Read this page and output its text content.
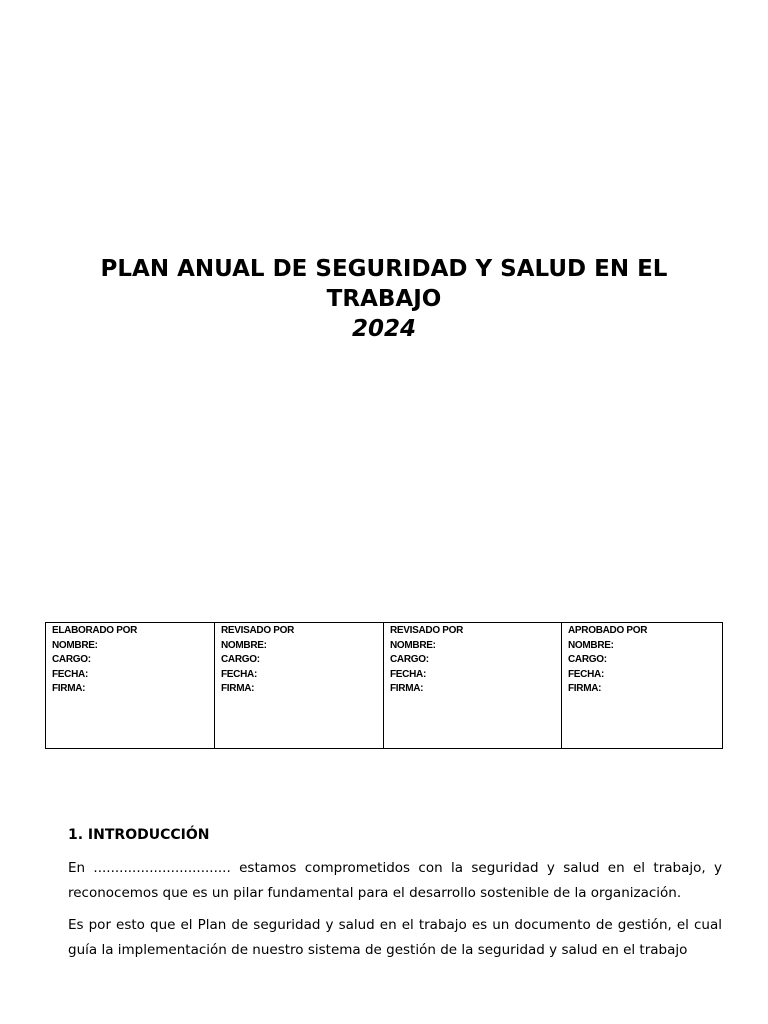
PLAN ANUAL DE SEGURIDAD Y SALUD EN EL
TRABAJO
2024
ELABORADO POR
NOMBRE:
CARGO:
FECHA:
FIRMA:

REVISADO POR
NOMBRE:
CARGO:
FECHA:
FIRMA:

REVISADO POR
NOMBRE:
CARGO:
FECHA:
FIRMA:

APROBADO POR
NOMBRE:
CARGO:
FECHA:
FIRMA:
1. INTRODUCCIÓN

En ................................ estamos comprometidos con la seguridad y salud en el trabajo, y reconocemos que es un pilar fundamental para el desarrollo sostenible de la organización.

Es por esto que el Plan de seguridad y salud en el trabajo es un documento de gestión, el cual guía la implementación de nuestro sistema de gestión de la seguridad y salud en el trabajo
